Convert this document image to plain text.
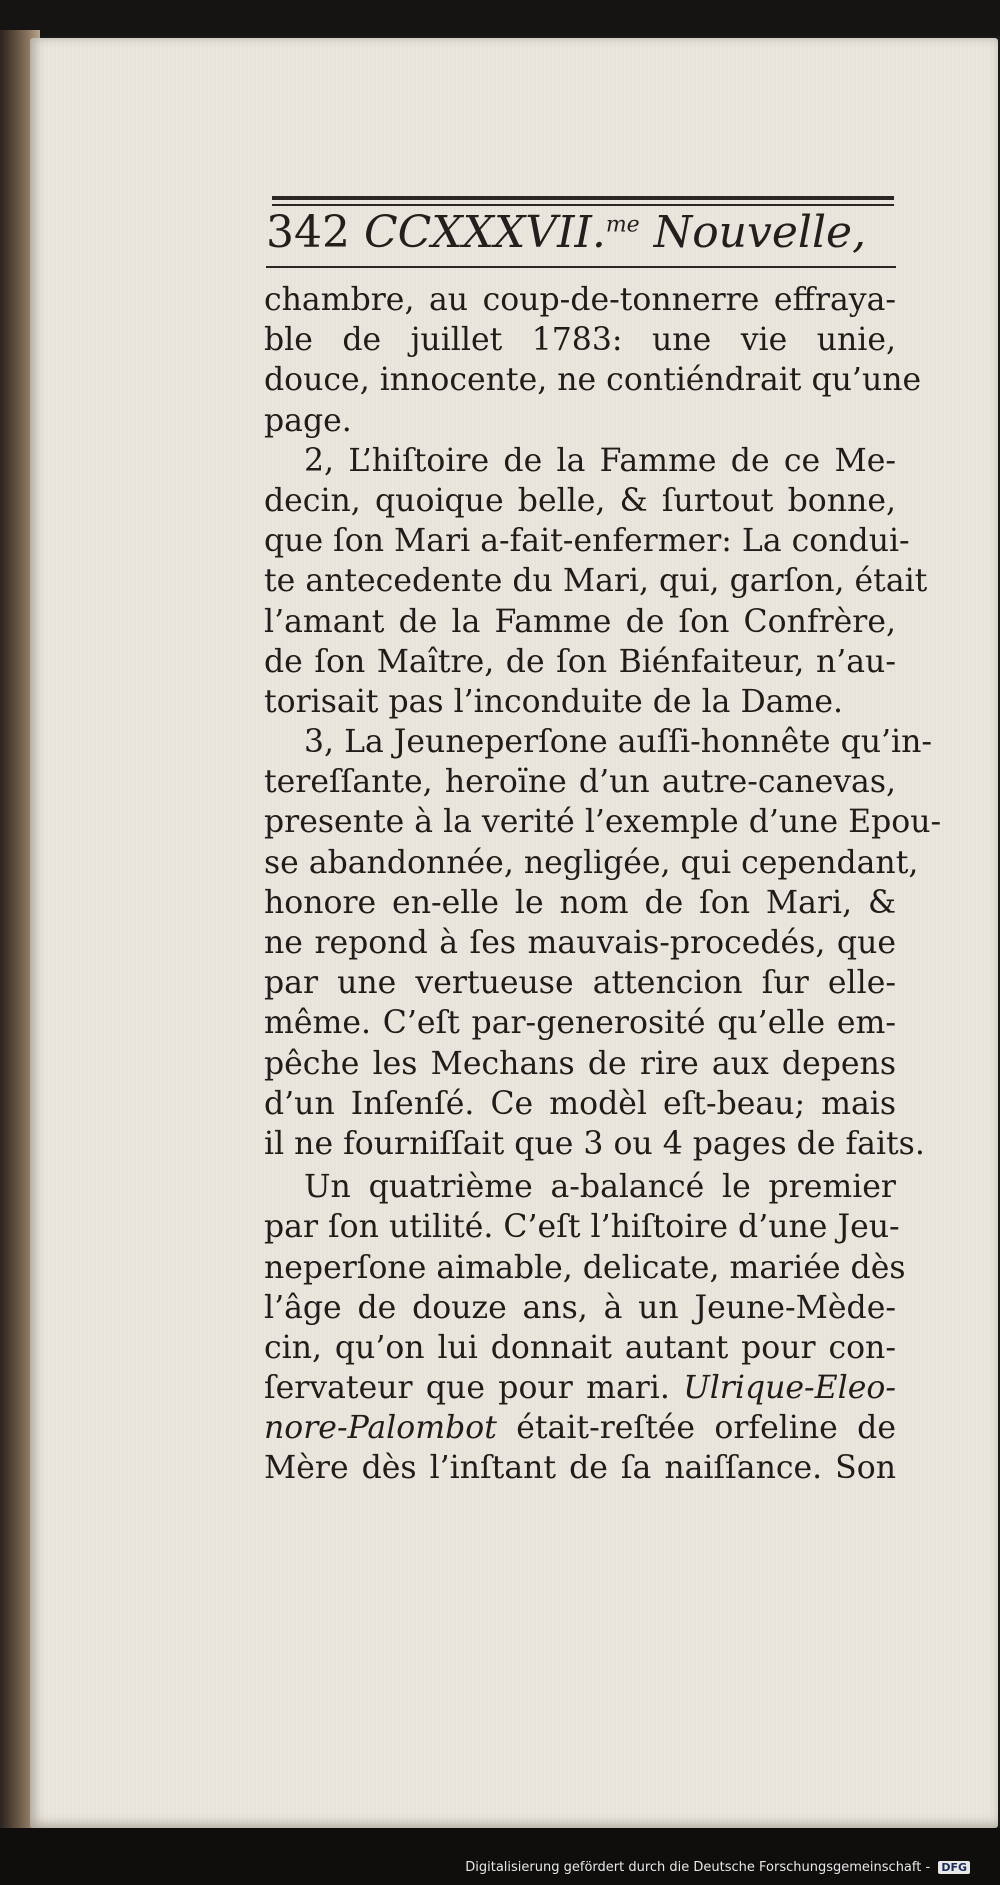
342 CCXXXVII.$^{me}$ Nouvelle,
chambre, au coup-de-tonnerre effraya-
ble de juillet 1783: une vie unie,
douce, innocente, ne contiéndrait qu’une
page.
2, L’hiſtoire de la Famme de ce Me-
decin, quoique belle, & ſurtout bonne,
que ſon Mari a-fait-enfermer: La condui-
te antecedente du Mari, qui, garſon, était
l’amant de la Famme de ſon Confrère,
de ſon Maître, de ſon Biénfaiteur, n’au-
torisait pas l’inconduite de la Dame.
3, La Jeuneperſone auſſi-honnête qu’in-
tereſſante, heroïne d’un autre-canevas,
presente à la verité l’exemple d’une Epou-
se abandonnée, negligée, qui cependant,
honore en-elle le nom de ſon Mari, &
ne repond à ſes mauvais-procedés, que
par une vertueuse attencion ſur elle-
même. C’eſt par-generosité qu’elle em-
pêche les Mechans de rire aux depens
d’un Inſenſé. Ce modèl eſt-beau; mais
il ne fourniſſait que 3 ou 4 pages de faits.
Un quatrième a-balancé le premier
par ſon utilité. C’eſt l’hiſtoire d’une Jeu-
neperſone aimable, delicate, mariée dès
l’âge de douze ans, à un Jeune-Mède-
cin, qu’on lui donnait autant pour con-
ſervateur que pour mari. Ulrique-Eleo-
nore-Palombot était-reſtée orfeline de
Mère dès l’inſtant de ſa naiſſance. Son
Digitalisierung gefördert durch die Deutsche Forschungsgemeinschaft - DFG
